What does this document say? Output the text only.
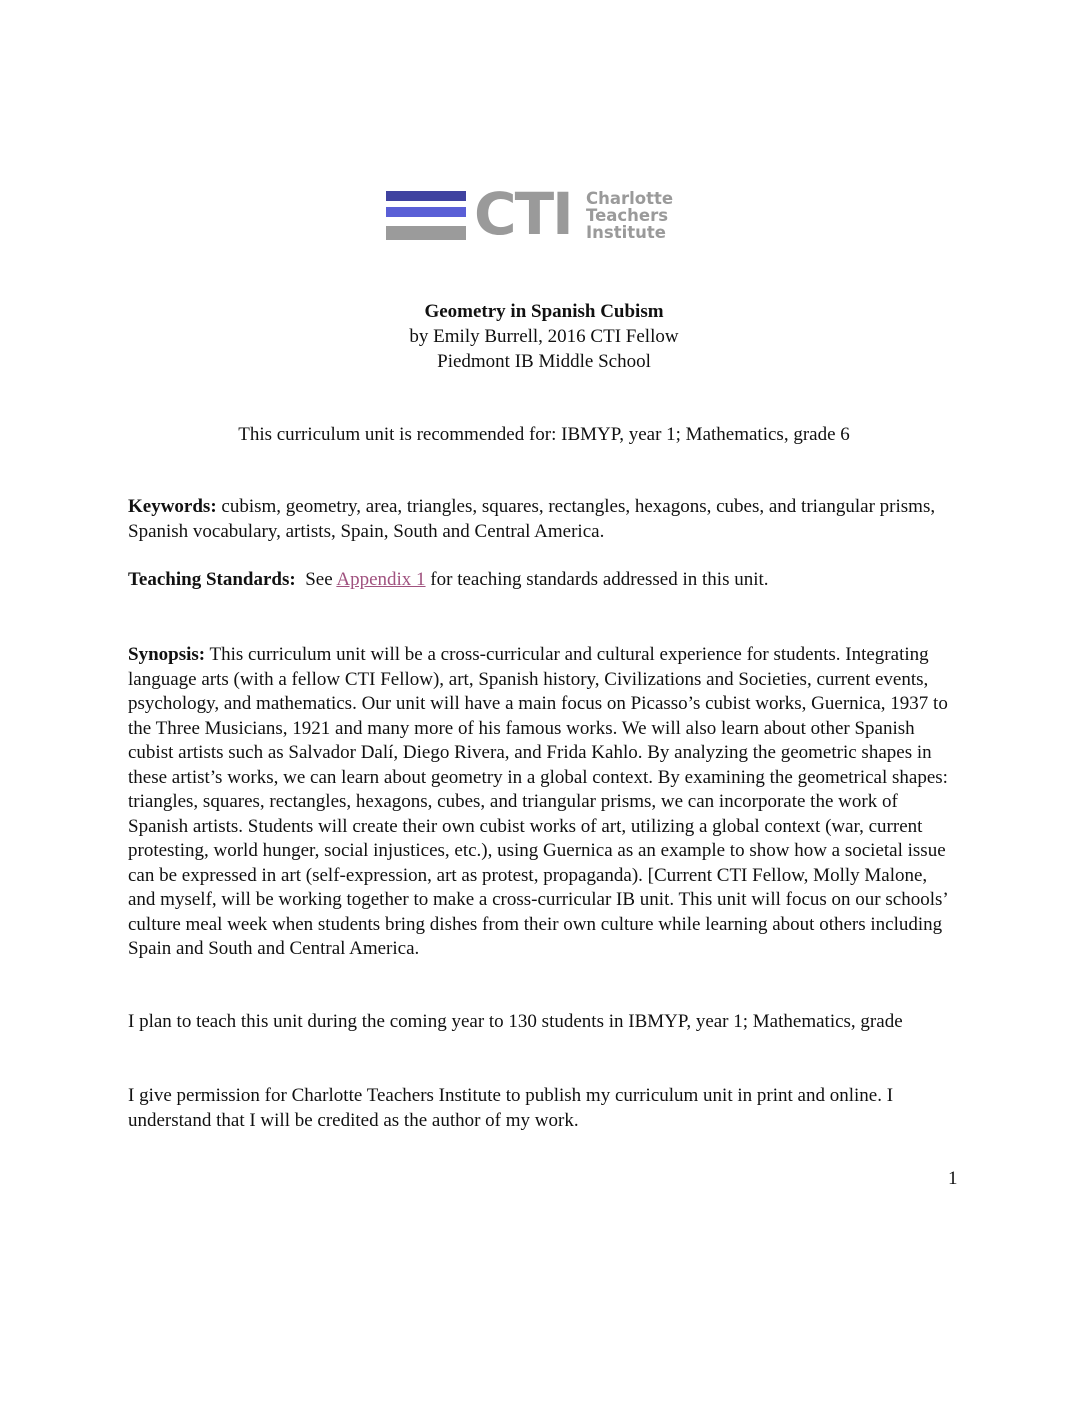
CTI Charlotte
Teachers
Institute
Geometry in Spanish Cubism
by Emily Burrell, 2016 CTI Fellow
Piedmont IB Middle School
This curriculum unit is recommended for: IBMYP, year 1; Mathematics, grade 6
Keywords: cubism, geometry, area, triangles, squares, rectangles, hexagons, cubes, and triangular prisms, Spanish vocabulary, artists, Spain, South and Central America.
Teaching Standards:  See Appendix 1 for teaching standards addressed in this unit.
Synopsis: This curriculum unit will be a cross-curricular and cultural experience for students. Integrating language arts (with a fellow CTI Fellow), art, Spanish history, Civilizations and Societies, current events, psychology, and mathematics. Our unit will have a main focus on Picasso’s cubist works, Guernica, 1937 to the Three Musicians, 1921 and many more of his famous works. We will also learn about other Spanish cubist artists such as Salvador Dalí, Diego Rivera, and Frida Kahlo. By analyzing the geometric shapes in these artist’s works, we can learn about geometry in a global context. By examining the geometrical shapes: triangles, squares, rectangles, hexagons, cubes, and triangular prisms, we can incorporate the work of Spanish artists. Students will create their own cubist works of art, utilizing a global context (war, current protesting, world hunger, social injustices, etc.), using Guernica as an example to show how a societal issue can be expressed in art (self-expression, art as protest, propaganda). [Current CTI Fellow, Molly Malone, and myself, will be working together to make a cross-curricular IB unit. This unit will focus on our schools’ culture meal week when students bring dishes from their own culture while learning about others including Spain and South and Central America.
I plan to teach this unit during the coming year to 130 students in IBMYP, year 1; Mathematics, grade
I give permission for Charlotte Teachers Institute to publish my curriculum unit in print and online. I understand that I will be credited as the author of my work.
1
